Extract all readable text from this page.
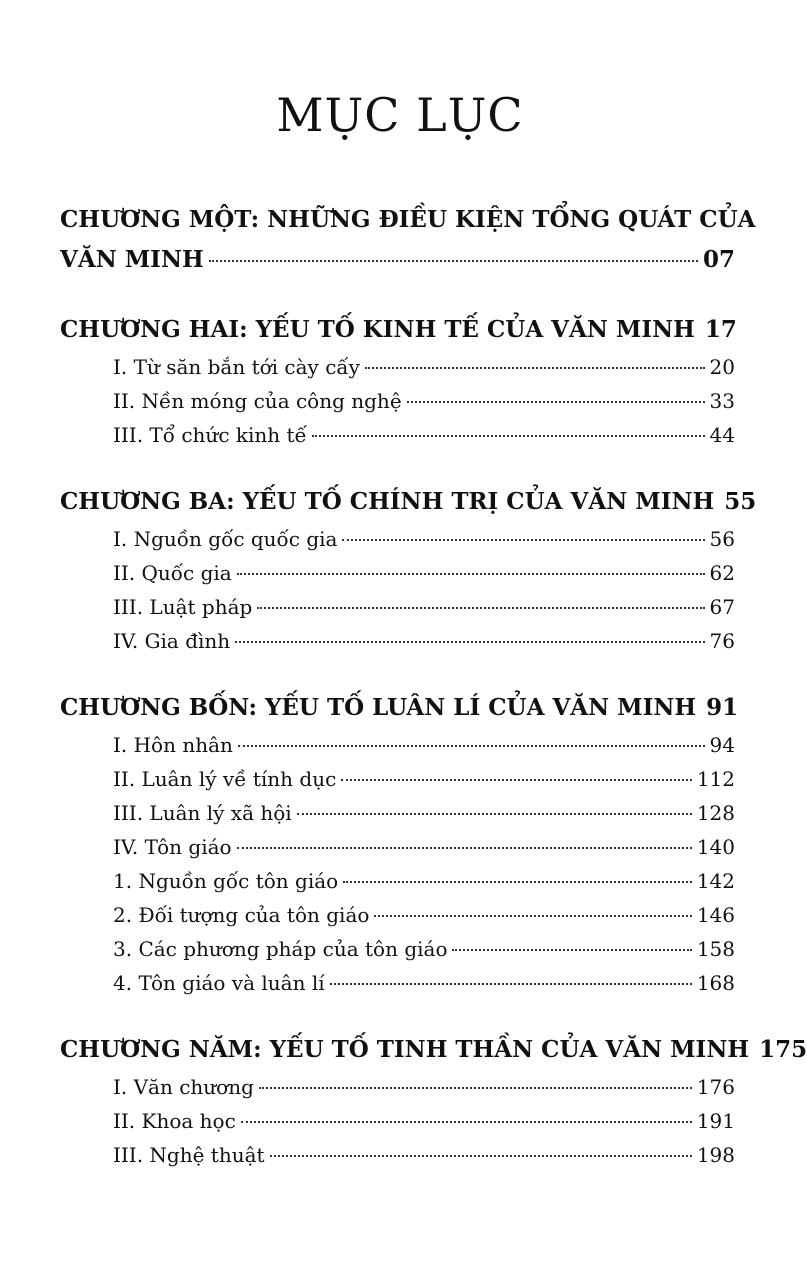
MỤC LỤC
CHƯƠNG MỘT: NHỮNG ĐIỀU KIỆN TỔNG QUÁT CỦA
VĂN MINH	07
CHƯƠNG HAI: YẾU TỐ KINH TẾ CỦA VĂN MINH 17
I. Từ săn bắn tới cày cấy	20
II. Nền móng của công nghệ	33
III. Tổ chức kinh tế	44
CHƯƠNG BA: YẾU TỐ CHÍNH TRỊ CỦA VĂN MINH 55
I. Nguồn gốc quốc gia	56
II. Quốc gia	62
III. Luật pháp	67
IV. Gia đình	76
CHƯƠNG BỐN: YẾU TỐ LUÂN LÍ CỦA VĂN MINH 91
I. Hôn nhân	94
II. Luân lý về tính dục	112
III. Luân lý xã hội	128
IV. Tôn giáo	140
1. Nguồn gốc tôn giáo	142
2. Đối tượng của tôn giáo	146
3. Các phương pháp của tôn giáo	158
4. Tôn giáo và luân lí	168
CHƯƠNG NĂM: YẾU TỐ TINH THẦN CỦA VĂN MINH 175
I. Văn chương	176
II. Khoa học	191
III. Nghệ thuật	198
